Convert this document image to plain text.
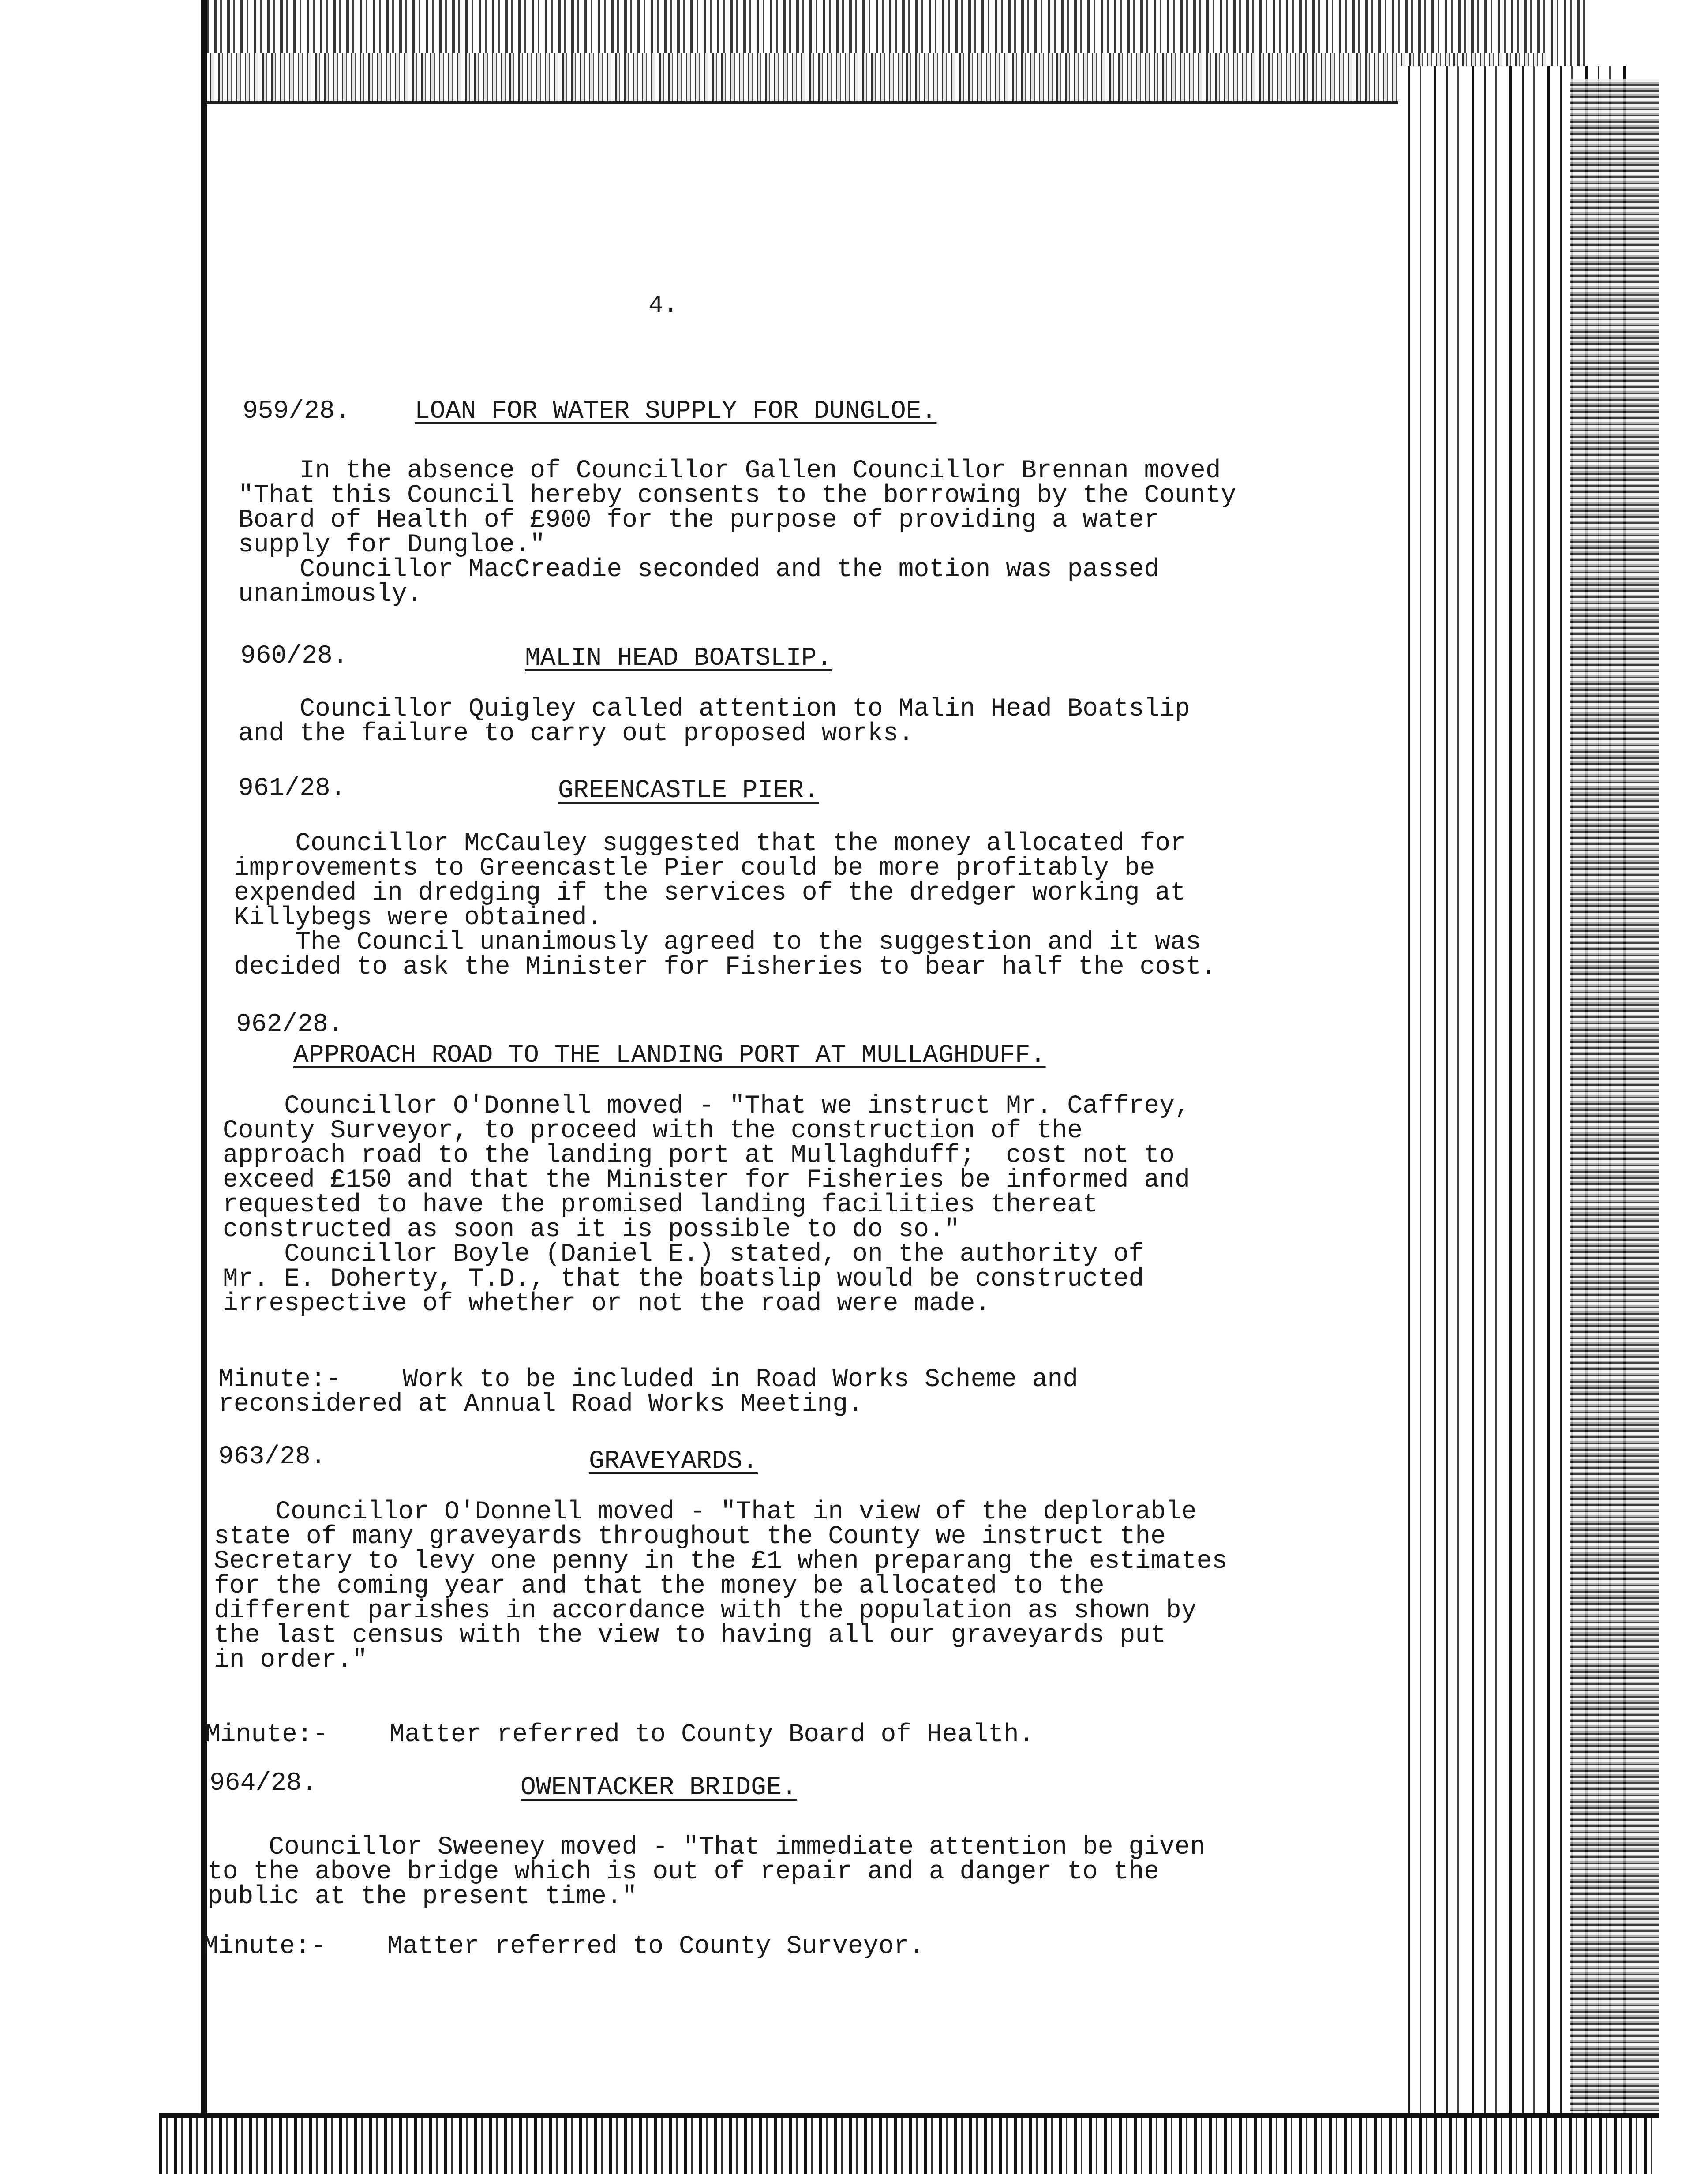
4.
959/28.	LOAN FOR WATER SUPPLY FOR DUNGLOE.
In the absence of Councillor Gallen Councillor Brennan moved
"That this Council hereby consents to the borrowing by the County
Board of Health of £900 for the purpose of providing a water
supply for Dungloe."
Councillor MacCreadie seconded and the motion was passed
unanimously.
960/28.	MALIN HEAD BOATSLIP.
Councillor Quigley called attention to Malin Head Boatslip
and the failure to carry out proposed works.
961/28.	GREENCASTLE PIER.
Councillor McCauley suggested that the money allocated for
improvements to Greencastle Pier could be more profitably be
expended in dredging if the services of the dredger working at
Killybegs were obtained.
The Council unanimously agreed to the suggestion and it was
decided to ask the Minister for Fisheries to bear half the cost.
962/28.
APPROACH ROAD TO THE LANDING PORT AT MULLAGHDUFF.
Councillor O'Donnell moved - "That we instruct Mr. Caffrey,
County Surveyor, to proceed with the construction of the
approach road to the landing port at Mullaghduff;  cost not to
exceed £150 and that the Minister for Fisheries be informed and
requested to have the promised landing facilities thereat
constructed as soon as it is possible to do so."
Councillor Boyle (Daniel E.) stated, on the authority of
Mr. E. Doherty, T.D., that the boatslip would be constructed
irrespective of whether or not the road were made.
Minute:-    Work to be included in Road Works Scheme and
reconsidered at Annual Road Works Meeting.
963/28.	GRAVEYARDS.
Councillor O'Donnell moved - "That in view of the deplorable
state of many graveyards throughout the County we instruct the
Secretary to levy one penny in the £1 when preparang the estimates
for the coming year and that the money be allocated to the
different parishes in accordance with the population as shown by
the last census with the view to having all our graveyards put
in order."
Minute:-    Matter referred to County Board of Health.
964/28.	OWENTACKER BRIDGE.
Councillor Sweeney moved - "That immediate attention be given
to the above bridge which is out of repair and a danger to the
public at the present time."
Minute:-    Matter referred to County Surveyor.
